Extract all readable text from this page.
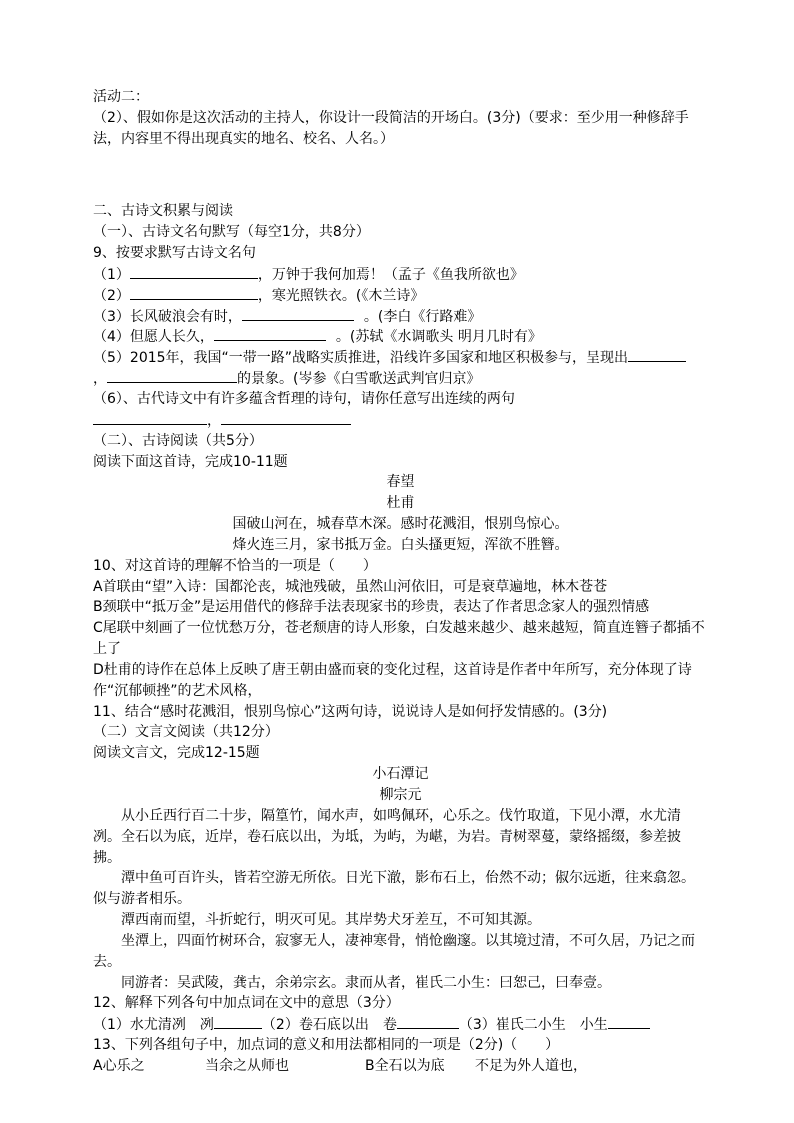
活动二：
（2）、假如你是这次活动的主持人，你设计一段简洁的开场白。(3分)（要求：至少用一种修辞手法，内容里不得出现真实的地名、校名、人名。）
二、古诗文积累与阅读
（一）、古诗文名句默写（每空1分，共8分）
9、按要求默写古诗文名句
（1）	，万钟于我何加焉！（孟子《鱼我所欲也》
（2）	，寒光照铁衣。(《木兰诗》
（3）长风破浪会有时，	。(李白《行路难》
（4）但愿人长久，	。(苏轼《水调歌头 明月几时有》
（5）2015年，我国“一带一路”战略实质推进，沿线许多国家和地区积极参与，呈现出
，	的景象。(岑参《白雪歌送武判官归京》
（6）、古代诗文中有许多蕴含哲理的诗句，请你任意写出连续的两句
，
（二）、古诗阅读（共5分）
阅读下面这首诗，完成10-11题
春望
杜甫
国破山河在，城春草木深。感时花溅泪，恨别鸟惊心。
烽火连三月，家书抵万金。白头搔更短，浑欲不胜簪。
10、对这首诗的理解不恰当的一项是（　　）
A首联由“望”入诗：国都沦丧，城池残破，虽然山河依旧，可是衰草遍地，林木苍苍
B颈联中“抵万金”是运用借代的修辞手法表现家书的珍贵，表达了作者思念家人的强烈情感
C尾联中刻画了一位忧愁万分，苍老颓唐的诗人形象，白发越来越少、越来越短，简直连簪子都插不上了
D杜甫的诗作在总体上反映了唐王朝由盛而衰的变化过程，这首诗是作者中年所写，充分体现了诗作“沉郁顿挫”的艺术风格，
11、结合“感时花溅泪，恨别鸟惊心”这两句诗，说说诗人是如何抒发情感的。(3分)
（二）文言文阅读（共12分）
阅读文言文，完成12-15题
小石潭记
柳宗元
从小丘西行百二十步，隔篁竹，闻水声，如鸣佩环，心乐之。伐竹取道，下见小潭，水尤清冽。全石以为底，近岸，卷石底以出，为坻，为屿，为嵁，为岩。青树翠蔓，蒙络摇缀，参差披拂。
潭中鱼可百许头，皆若空游无所依。日光下澈，影布石上，佁然不动；俶尔远逝，往来翕忽。似与游者相乐。
潭西南而望，斗折蛇行，明灭可见。其岸势犬牙差互，不可知其源。
坐潭上，四面竹树环合，寂寥无人，凄神寒骨，悄怆幽邃。以其境过清，不可久居，乃记之而去。
同游者：吴武陵，龚古，余弟宗玄。隶而从者，崔氏二小生：曰恕己，曰奉壹。
12、解释下列各句中加点词在文中的意思（3分）
（1）水尤清冽　冽	（2）卷石底以出　卷	（3）崔氏二小生　小生
13、下列各组句子中，加点词的意义和用法都相同的一项是（2分)（　　）
A心乐之	当余之从师也	B全石以为底 不足为外人道也，
